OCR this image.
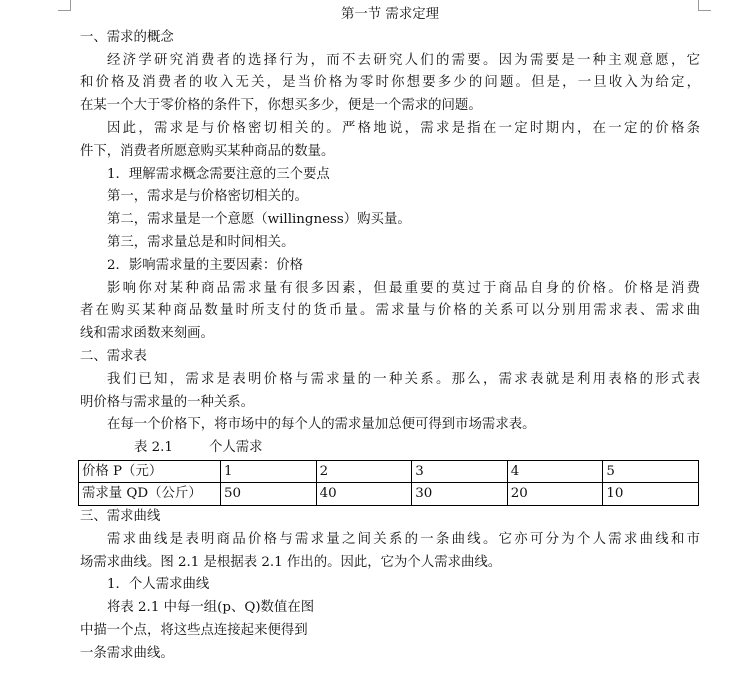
第一节 需求定理
一、需求的概念
经济学研究消费者的选择行为，而不去研究人们的需要。因为需要是一种主观意愿，它
和价格及消费者的收入无关，是当价格为零时你想要多少的问题。但是，一旦收入为给定，
在某一个大于零价格的条件下，你想买多少，便是一个需求的问题。
因此，需求是与价格密切相关的。严格地说，需求是指在一定时期内，在一定的价格条
件下，消费者所愿意购买某种商品的数量。
1．理解需求概念需要注意的三个要点
第一，需求是与价格密切相关的。
第二，需求量是一个意愿（willingness）购买量。
第三，需求量总是和时间相关。
2．影响需求量的主要因素：价格
影响你对某种商品需求量有很多因素，但最重要的莫过于商品自身的价格。价格是消费
者在购买某种商品数量时所支付的货币量。需求量与价格的关系可以分别用需求表、需求曲
线和需求函数来刻画。
二、需求表
我们已知，需求是表明价格与需求量的一种关系。那么，需求表就是利用表格的形式表
明价格与需求量的一种关系。
在每一个价格下，将市场中的每个人的需求量加总便可得到市场需求表。
表 2.1	个人需求
价格 P（元）	1	2	3	4	5
需求量 QD（公斤）	50	40	30	20	10
三、需求曲线
需求曲线是表明商品价格与需求量之间关系的一条曲线。它亦可分为个人需求曲线和市
场需求曲线。图 2.1 是根据表 2.1 作出的。因此，它为个人需求曲线。
1．个人需求曲线
将表 2.1 中每一组(p、Q)数值在图
中描一个点，将这些点连接起来便得到
一条需求曲线。
